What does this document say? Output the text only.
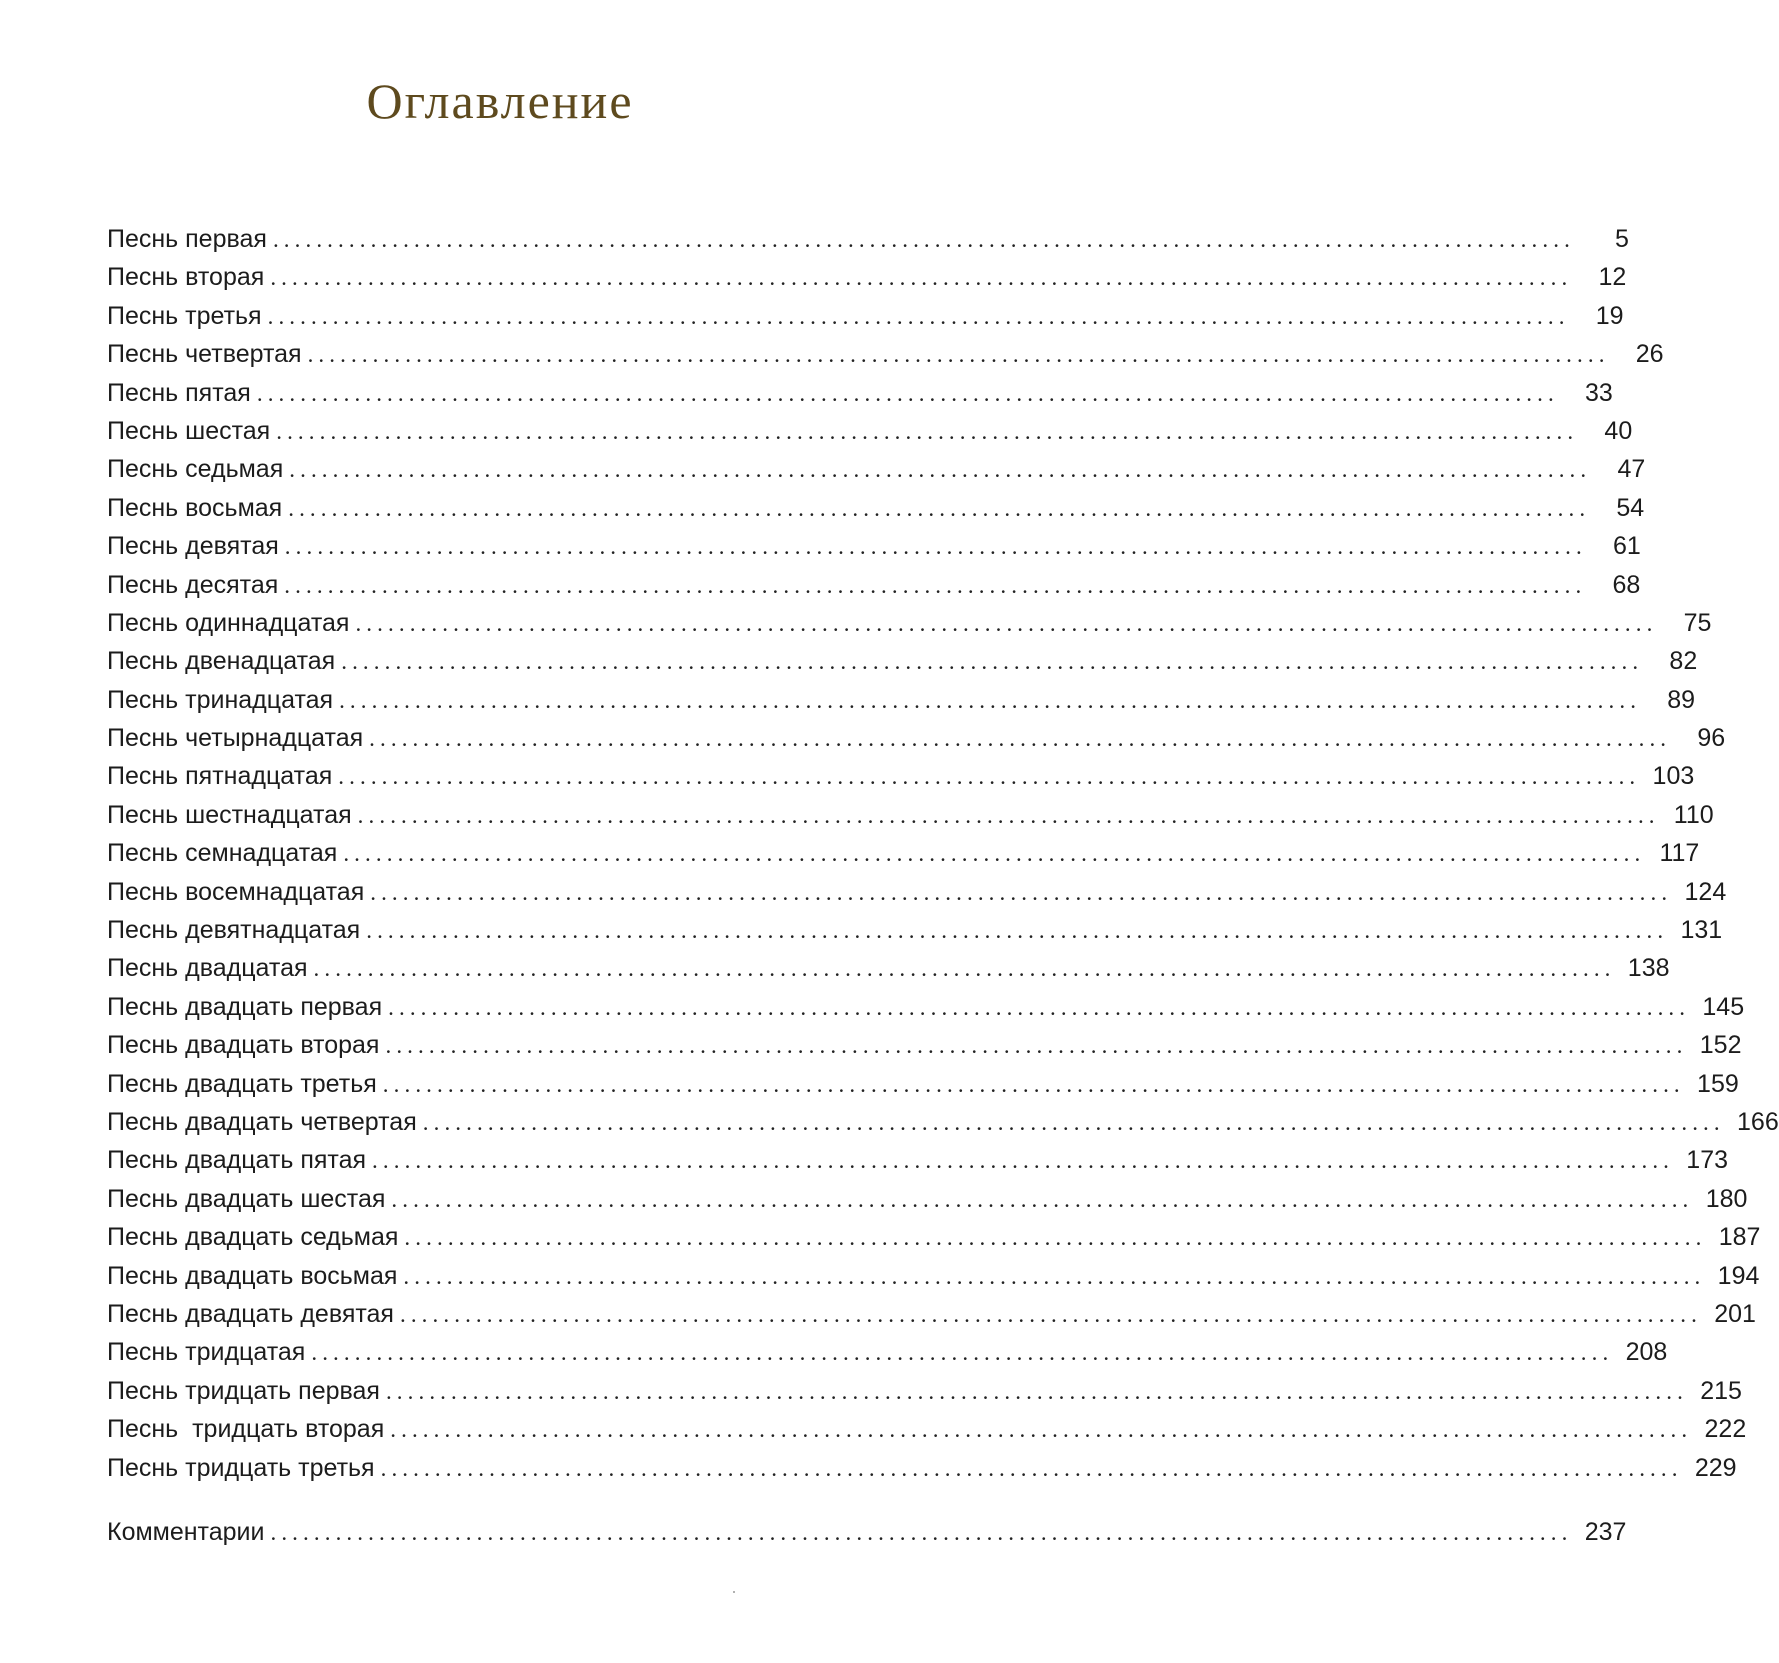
Оглавление
Песнь первая ........................................................................................................................	5
Песнь вторая ........................................................................................................................	12
Песнь третья ........................................................................................................................	19
Песнь четвертая ........................................................................................................................	26
Песнь пятая ........................................................................................................................	33
Песнь шестая ........................................................................................................................	40
Песнь седьмая ........................................................................................................................	47
Песнь восьмая ........................................................................................................................	54
Песнь девятая ........................................................................................................................	61
Песнь десятая ........................................................................................................................	68
Песнь одиннадцатая ........................................................................................................................	75
Песнь двенадцатая ........................................................................................................................	82
Песнь тринадцатая ........................................................................................................................	89
Песнь четырнадцатая ........................................................................................................................	96
Песнь пятнадцатая ........................................................................................................................ 103
Песнь шестнадцатая ........................................................................................................................ 110
Песнь семнадцатая ........................................................................................................................ 117
Песнь восемнадцатая ........................................................................................................................ 124
Песнь девятнадцатая ........................................................................................................................ 131
Песнь двадцатая ........................................................................................................................ 138
Песнь двадцать первая ........................................................................................................................ 145
Песнь двадцать вторая ........................................................................................................................ 152
Песнь двадцать третья ........................................................................................................................ 159
Песнь двадцать четвертая ........................................................................................................................ 166
Песнь двадцать пятая ........................................................................................................................ 173
Песнь двадцать шестая ........................................................................................................................ 180
Песнь двадцать седьмая ........................................................................................................................ 187
Песнь двадцать восьмая ........................................................................................................................ 194
Песнь двадцать девятая ........................................................................................................................ 201
Песнь тридцатая ........................................................................................................................ 208
Песнь тридцать первая ........................................................................................................................ 215
Песнь  тридцать вторая ........................................................................................................................ 222
Песнь тридцать третья ........................................................................................................................ 229
Комментарии ........................................................................................................................ 237
